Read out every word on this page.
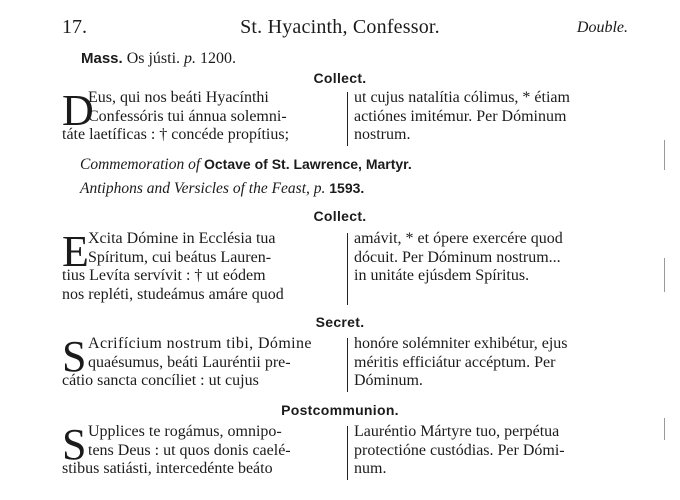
17.	St. Hyacinth, Confessor.	Double.
Mass. Os jústi. p. 1200.
Collect.
D
Eus, qui nos beáti Hyacínthi
Confessóris tui ánnua solemni-
táte laetíficas : † concéde propítius;
ut cujus natalítia cólimus, * étiam
actiónes imitémur. Per Dóminum
nostrum.
Commemoration of Octave of St. Lawrence, Martyr.
Antiphons and Versicles of the Feast, p. 1593.
Collect.
E Xcita Dómine in Ecclésia tua
Spíritum, cui beátus Lauren-
tius Levíta servívit : † ut eódem
nos repléti, studeámus amáre quod
amávit, * et ópere exercére quod
dócuit. Per Dóminum nostrum...
in unitáte ejúsdem Spíritus.
Secret.
S Acrifícium nostrum tibi, Dómine
quaésumus, beáti Lauréntii pre-
cátio sancta concíliet : ut cujus
honóre solémniter exhibétur, ejus
méritis efficiátur accéptum. Per
Dóminum.
Postcommunion.
S Upplices te rogámus, omnipo-
tens Deus : ut quos donis caelé-
stibus satiásti, intercedénte beáto
Lauréntio Mártyre tuo, perpétua
protectióne custódias. Per Dómi-
num.
